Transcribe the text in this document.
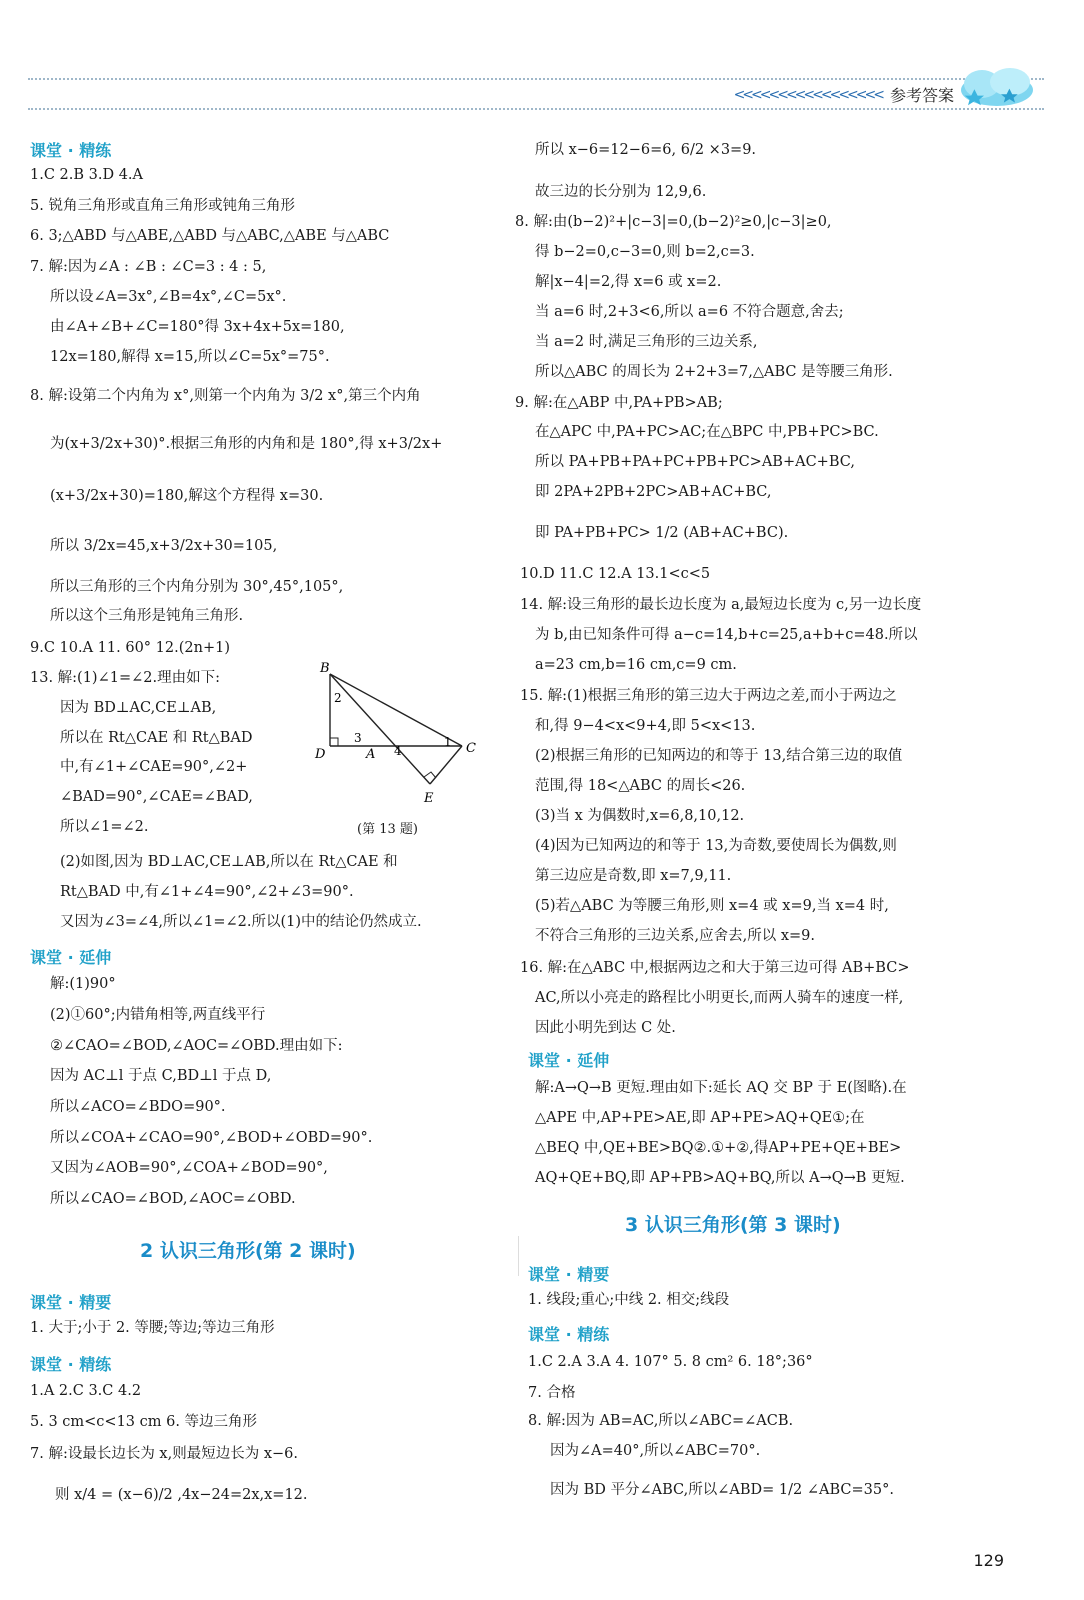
<<<<<<<<<<<<<<<<< 参考答案
B
D	A	C
E
1
2
3
4
(第 13 题)
129
课堂 · 精练
1.C 2.B 3.D 4.A
5. 锐角三角形或直角三角形或钝角三角形
6. 3;△ABD 与△ABE,△ABD 与△ABC,△ABE 与△ABC
7. 解:因为∠A : ∠B : ∠C=3 : 4 : 5,
所以设∠A=3x°,∠B=4x°,∠C=5x°.
由∠A+∠B+∠C=180°得 3x+4x+5x=180,
12x=180,解得 x=15,所以∠C=5x°=75°.
8. 解:设第二个内角为 x°,则第一个内角为 3/2 x°,第三个内角
为(x+3/2x+30)°.根据三角形的内角和是 180°,得 x+3/2x+
(x+3/2x+30)=180,解这个方程得 x=30.
所以 3/2x=45,x+3/2x+30=105,
所以三角形的三个内角分别为 30°,45°,105°,
所以这个三角形是钝角三角形.
9.C 10.A 11. 60° 12.(2n+1)
13. 解:(1)∠1=∠2.理由如下:
因为 BD⊥AC,CE⊥AB,
所以在 Rt△CAE 和 Rt△BAD
中,有∠1+∠CAE=90°,∠2+
∠BAD=90°,∠CAE=∠BAD,
所以∠1=∠2.
(2)如图,因为 BD⊥AC,CE⊥AB,所以在 Rt△CAE 和
Rt△BAD 中,有∠1+∠4=90°,∠2+∠3=90°.
又因为∠3=∠4,所以∠1=∠2.所以(1)中的结论仍然成立.
课堂 · 延伸
解:(1)90°
(2)①60°;内错角相等,两直线平行
②∠CAO=∠BOD,∠AOC=∠OBD.理由如下:
因为 AC⊥l 于点 C,BD⊥l 于点 D,
所以∠ACO=∠BDO=90°.
所以∠COA+∠CAO=90°,∠BOD+∠OBD=90°.
又因为∠AOB=90°,∠COA+∠BOD=90°,
所以∠CAO=∠BOD,∠AOC=∠OBD.
2 认识三角形(第 2 课时)
课堂 · 精要
1. 大于;小于 2. 等腰;等边;等边三角形
课堂 · 精练
1.A 2.C 3.C 4.2
5. 3 cm<c<13 cm 6. 等边三角形
7. 解:设最长边长为 x,则最短边长为 x−6.
则 x/4 = (x−6)/2 ,4x−24=2x,x=12.
所以 x−6=12−6=6, 6/2 ×3=9.
故三边的长分别为 12,9,6.
8. 解:由(b−2)²+|c−3|=0,(b−2)²≥0,|c−3|≥0,
得 b−2=0,c−3=0,则 b=2,c=3.
解|x−4|=2,得 x=6 或 x=2.
当 a=6 时,2+3<6,所以 a=6 不符合题意,舍去;
当 a=2 时,满足三角形的三边关系,
所以△ABC 的周长为 2+2+3=7,△ABC 是等腰三角形.
9. 解:在△ABP 中,PA+PB>AB;
在△APC 中,PA+PC>AC;在△BPC 中,PB+PC>BC.
所以 PA+PB+PA+PC+PB+PC>AB+AC+BC,
即 2PA+2PB+2PC>AB+AC+BC,
即 PA+PB+PC> 1/2 (AB+AC+BC).
10.D 11.C 12.A 13.1<c<5
14. 解:设三角形的最长边长度为 a,最短边长度为 c,另一边长度
为 b,由已知条件可得 a−c=14,b+c=25,a+b+c=48.所以
a=23 cm,b=16 cm,c=9 cm.
15. 解:(1)根据三角形的第三边大于两边之差,而小于两边之
和,得 9−4<x<9+4,即 5<x<13.
(2)根据三角形的已知两边的和等于 13,结合第三边的取值
范围,得 18<△ABC 的周长<26.
(3)当 x 为偶数时,x=6,8,10,12.
(4)因为已知两边的和等于 13,为奇数,要使周长为偶数,则
第三边应是奇数,即 x=7,9,11.
(5)若△ABC 为等腰三角形,则 x=4 或 x=9,当 x=4 时,
不符合三角形的三边关系,应舍去,所以 x=9.
16. 解:在△ABC 中,根据两边之和大于第三边可得 AB+BC>
AC,所以小亮走的路程比小明更长,而两人骑车的速度一样,
因此小明先到达 C 处.
课堂 · 延伸
解:A→Q→B 更短.理由如下:延长 AQ 交 BP 于 E(图略).在
△APE 中,AP+PE>AE,即 AP+PE>AQ+QE①;在
△BEQ 中,QE+BE>BQ②.①+②,得AP+PE+QE+BE>
AQ+QE+BQ,即 AP+PB>AQ+BQ,所以 A→Q→B 更短.
3 认识三角形(第 3 课时)
课堂 · 精要
1. 线段;重心;中线 2. 相交;线段
课堂 · 精练
1.C 2.A 3.A 4. 107° 5. 8 cm² 6. 18°;36°
7. 合格
8. 解:因为 AB=AC,所以∠ABC=∠ACB.
因为∠A=40°,所以∠ABC=70°.
因为 BD 平分∠ABC,所以∠ABD= 1/2 ∠ABC=35°.
